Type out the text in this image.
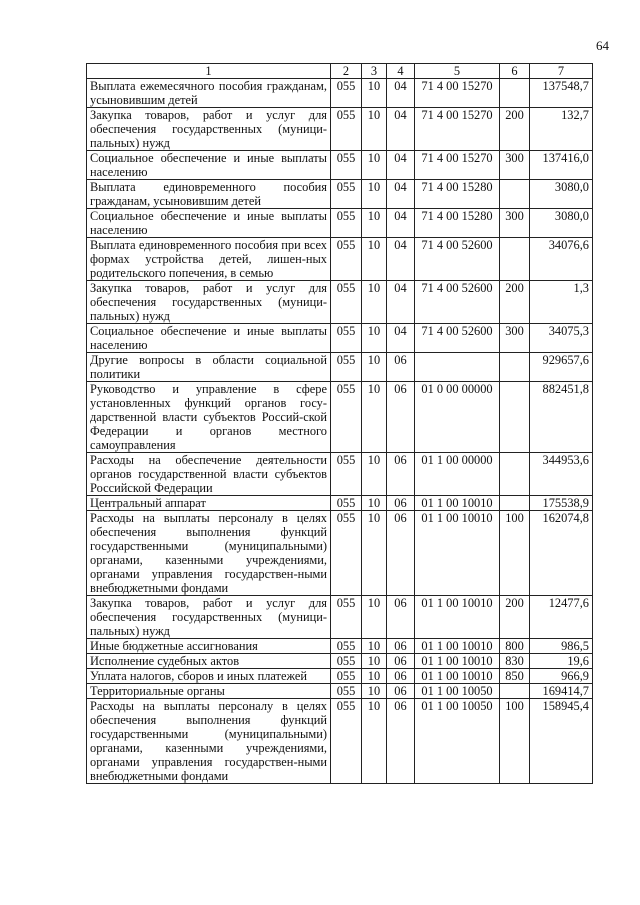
64
1	2	3	4	5	6	7
Выплата ежемесячного пособия гражданам, усыновившим детей	055	10	04	71 4 00 15270		137548,7
Закупка товаров, работ и услуг для обеспечения государственных (муници-пальных) нужд	055	10	04	71 4 00 15270	200	132,7
Социальное обеспечение и иные выплаты населению	055	10	04	71 4 00 15270	300	137416,0
Выплата единовременного пособия гражданам, усыновившим детей	055	10	04	71 4 00 15280		3080,0
Социальное обеспечение и иные выплаты населению	055	10	04	71 4 00 15280	300	3080,0
Выплата единовременного пособия при всех формах устройства детей, лишен-ных родительского попечения, в семью	055	10	04	71 4 00 52600		34076,6
Закупка товаров, работ и услуг для обеспечения государственных (муници-пальных) нужд	055	10	04	71 4 00 52600	200	1,3
Социальное обеспечение и иные выплаты населению	055	10	04	71 4 00 52600	300	34075,3
Другие вопросы в области социальной политики	055	10	06			929657,6
Руководство и управление в сфере установленных функций органов госу-дарственной власти субъектов Россий-ской Федерации и органов местного самоуправления	055	10	06	01 0 00 00000		882451,8
Расходы на обеспечение деятельности органов государственной власти субъектов Российской Федерации	055	10	06	01 1 00 00000		344953,6
Центральный аппарат	055	10	06	01 1 00 10010		175538,9
Расходы на выплаты персоналу в целях обеспечения выполнения функций государственными (муниципальными) органами, казенными учреждениями, органами управления государствен-ными внебюджетными фондами	055	10	06	01 1 00 10010	100	162074,8
Закупка товаров, работ и услуг для обеспечения государственных (муници-пальных) нужд	055	10	06	01 1 00 10010	200	12477,6
Иные бюджетные ассигнования	055	10	06	01 1 00 10010	800	986,5
Исполнение судебных актов	055	10	06	01 1 00 10010	830	19,6
Уплата налогов, сборов и иных платежей	055	10	06	01 1 00 10010	850	966,9
Территориальные органы	055	10	06	01 1 00 10050		169414,7
Расходы на выплаты персоналу в целях обеспечения выполнения функций государственными (муниципальными) органами, казенными учреждениями, органами управления государствен-ными внебюджетными фондами	055	10	06	01 1 00 10050	100	158945,4
